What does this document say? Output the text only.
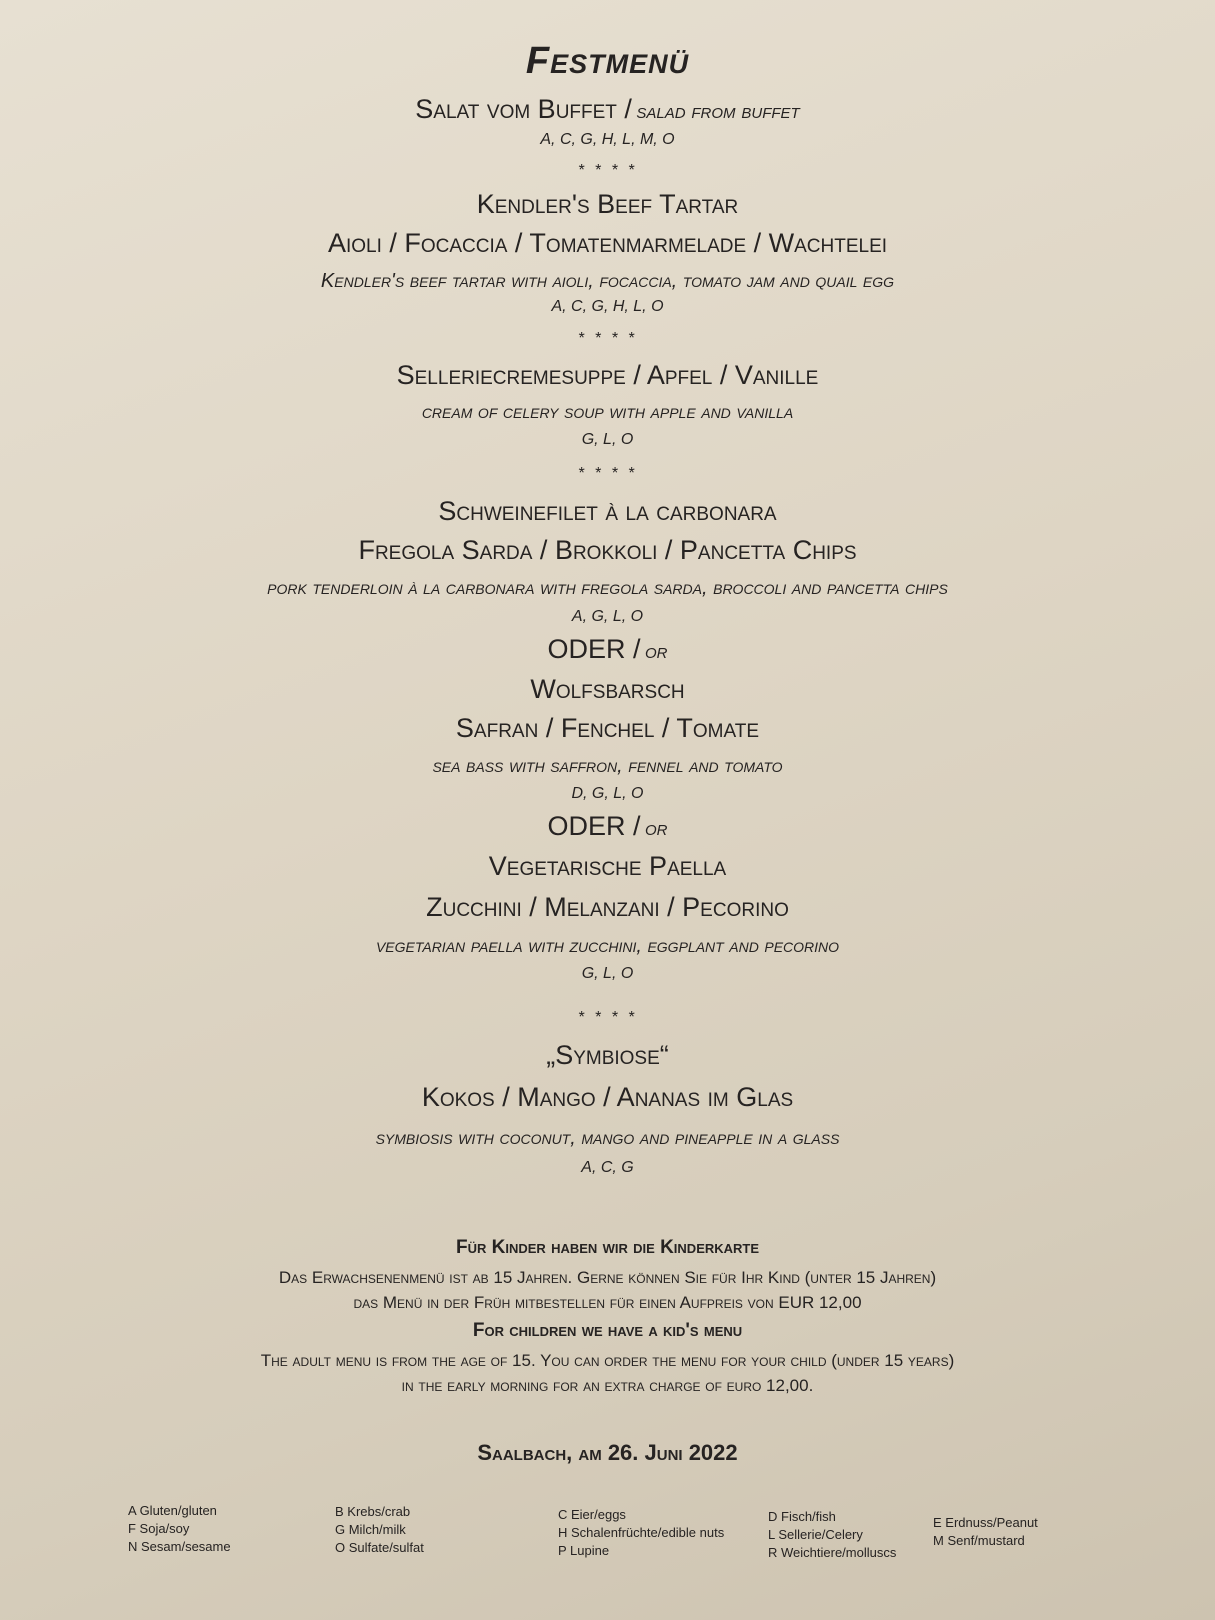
Festmenü
Salat vom Buffet / salad from buffet
A, C, G, H, L, M, O
* * * *
Kendler's Beef Tartar
Aioli / Focaccia / Tomatenmarmelade / Wachtelei
Kendler's beef tartar with aioli, focaccia, tomato jam and quail egg
A, C, G, H, L, O
* * * *
Selleriecremesuppe / Apfel / Vanille
cream of celery soup with apple and vanilla
G, L, O
* * * *
Schweinefilet à la carbonara
Fregola Sarda / Brokkoli / Pancetta Chips
pork tenderloin à la carbonara with fregola sarda, broccoli and pancetta chips
A, G, L, O
ODER / or
Wolfsbarsch
Safran / Fenchel / Tomate
sea bass with saffron, fennel and tomato
D, G, L, O
ODER / or
Vegetarische Paella
Zucchini / Melanzani / Pecorino
vegetarian paella with zucchini, eggplant and pecorino
G, L, O
* * * *
„Symbiose“
Kokos / Mango / Ananas im Glas
symbiosis with coconut, mango and pineapple in a glass
A, C, G
Für Kinder haben wir die Kinderkarte
Das Erwachsenenmenü ist ab 15 Jahren. Gerne können Sie für Ihr Kind (unter 15 Jahren)
das Menü in der Früh mitbestellen für einen Aufpreis von EUR 12,00
For children we have a kid's menu
The adult menu is from the age of 15. You can order the menu for your child (under 15 years)
in the early morning for an extra charge of euro 12,00.
Saalbach, am 26. Juni 2022
A Gluten/gluten
F Soja/soy
N Sesam/sesame
B Krebs/crab
G Milch/milk
O Sulfate/sulfat
C Eier/eggs
H Schalenfrüchte/edible nuts
P Lupine
D Fisch/fish
L Sellerie/Celery
R Weichtiere/molluscs
E Erdnuss/Peanut
M Senf/mustard
